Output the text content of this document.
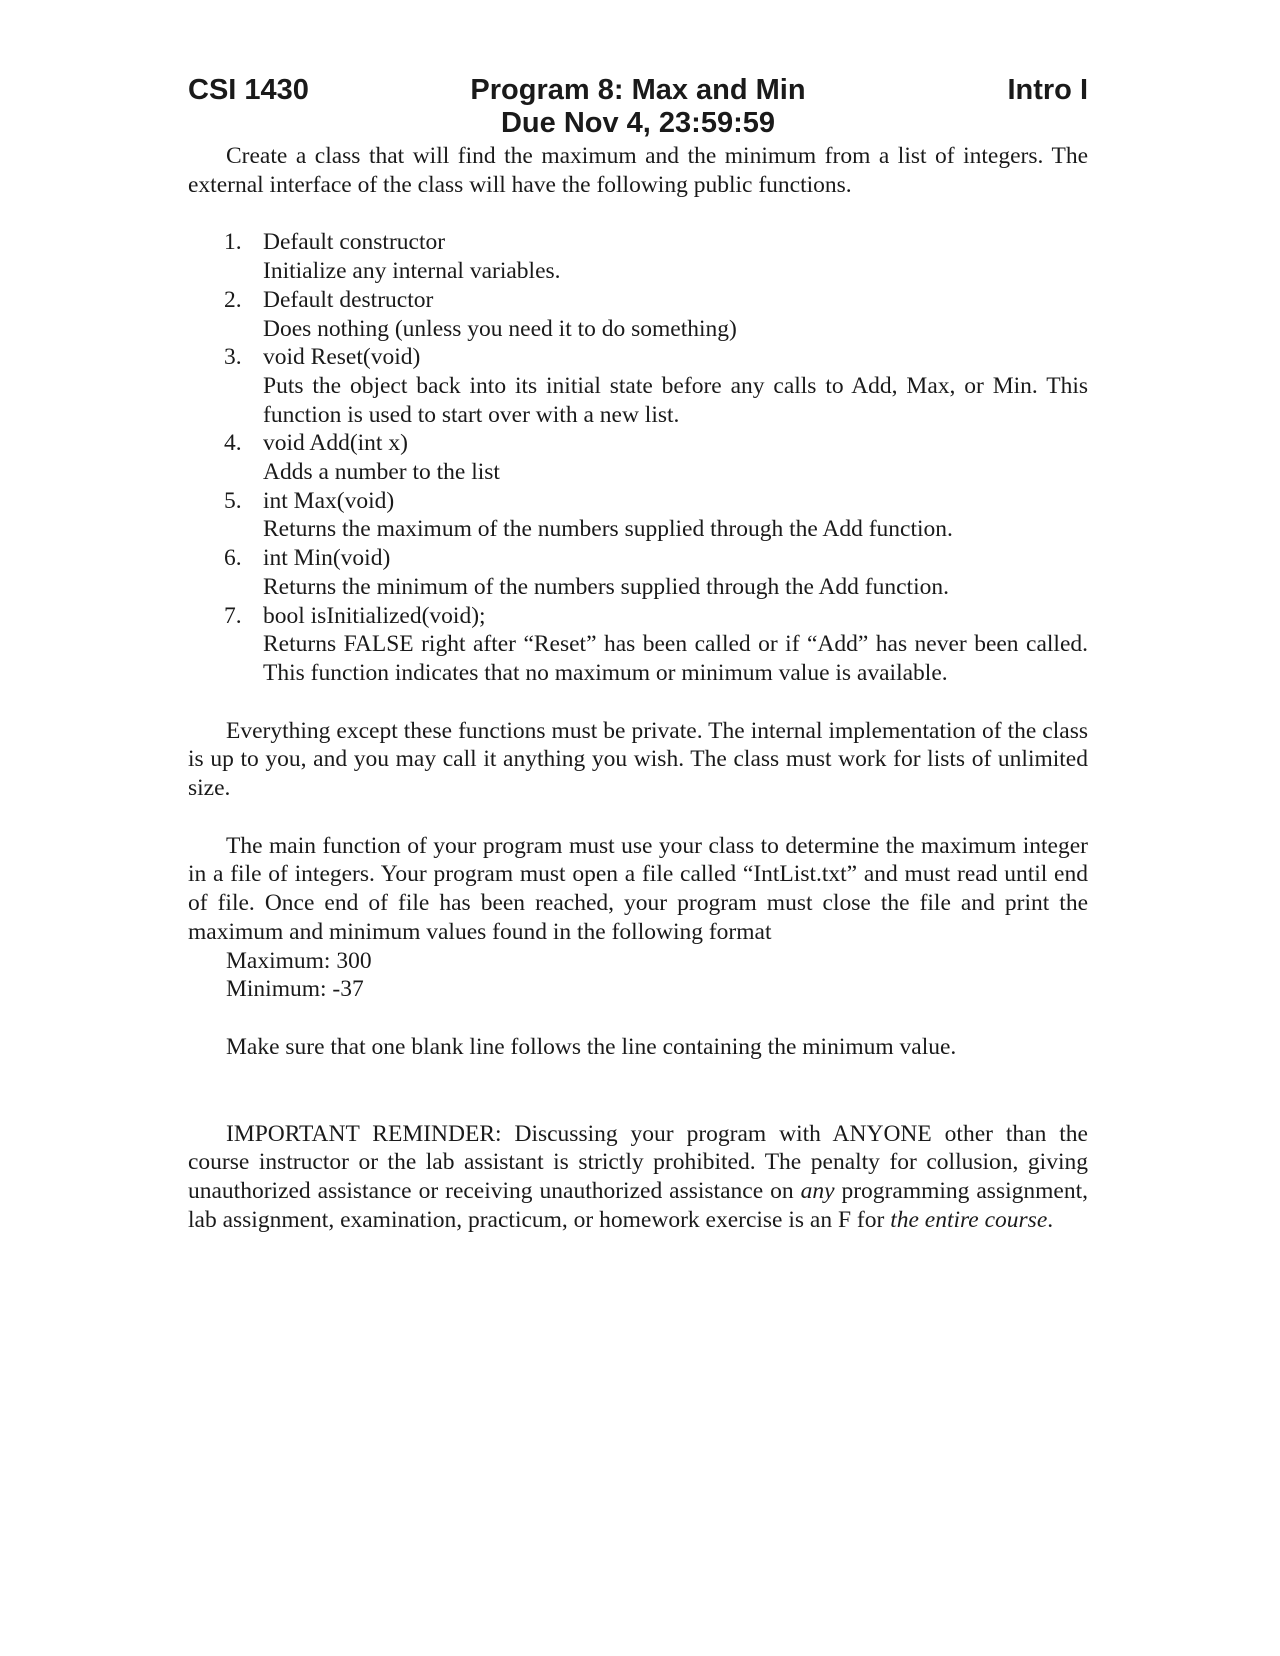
CSI 1430	Program 8: Max and Min
Due Nov 4, 23:59:59
Intro I

Create a class that will find the maximum and the minimum from a list of integers. The external interface of the class will have the following public functions.

1. Default constructor
Initialize any internal variables.
2. Default destructor
Does nothing (unless you need it to do something)
3. void Reset(void)
Puts the object back into its initial state before any calls to Add, Max, or Min. This function is used to start over with a new list.
4. void Add(int x)
Adds a number to the list
5. int Max(void)
Returns the maximum of the numbers supplied through the Add function.
6. int Min(void)
Returns the minimum of the numbers supplied through the Add function.
7. bool isInitialized(void);
Returns FALSE right after “Reset” has been called or if “Add” has never been called. This function indicates that no maximum or minimum value is available.

Everything except these functions must be private. The internal implementation of the class is up to you, and you may call it anything you wish. The class must work for lists of unlimited size.

The main function of your program must use your class to determine the maximum integer in a file of integers. Your program must open a file called “IntList.txt” and must read until end of file. Once end of file has been reached, your program must close the file and print the maximum and minimum values found in the following format

Maximum: 300
Minimum: -37

Make sure that one blank line follows the line containing the minimum value.

IMPORTANT REMINDER: Discussing your program with ANYONE other than the course instructor or the lab assistant is strictly prohibited. The penalty for collusion, giving unauthorized assistance or receiving unauthorized assistance on any programming assignment, lab assignment, examination, practicum, or homework exercise is an F for the entire course.
